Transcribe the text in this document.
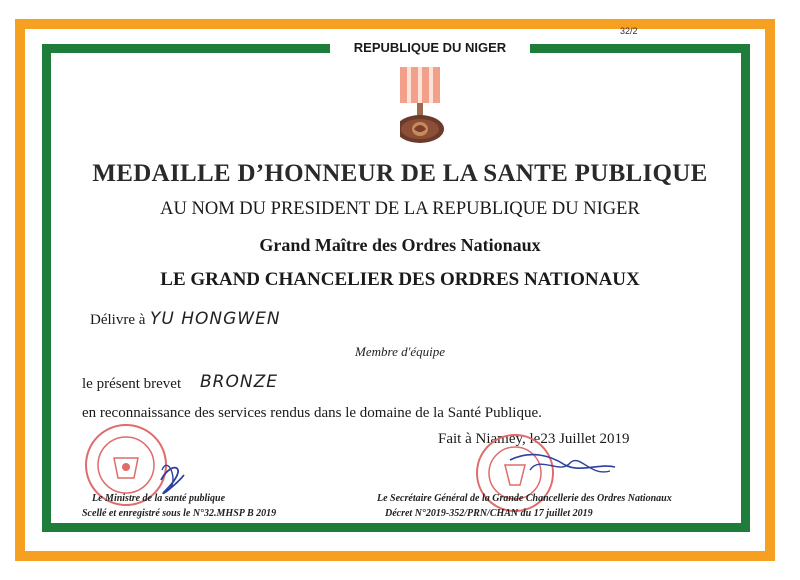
32/2
REPUBLIQUE DU NIGER
MEDAILLE D’HONNEUR DE LA SANTE PUBLIQUE
AU NOM DU PRESIDENT DE LA REPUBLIQUE DU NIGER
Grand Maître des Ordres Nationaux
LE GRAND CHANCELIER DES ORDRES NATIONAUX
Délivre à YU HONGWEN
Membre d'équipe
le présent brevet BRONZE
en reconnaissance des services rendus dans le domaine de la Santé Publique.
Fait à Niamey, le23 Juillet 2019
Le Ministre de la santé publique
Scellé et enregistré sous le N°32.MHSP B 2019
Le Secrétaire Général de la Grande Chancellerie des Ordres Nationaux
Décret N°2019-352/PRN/CHAN du 17 juillet 2019
